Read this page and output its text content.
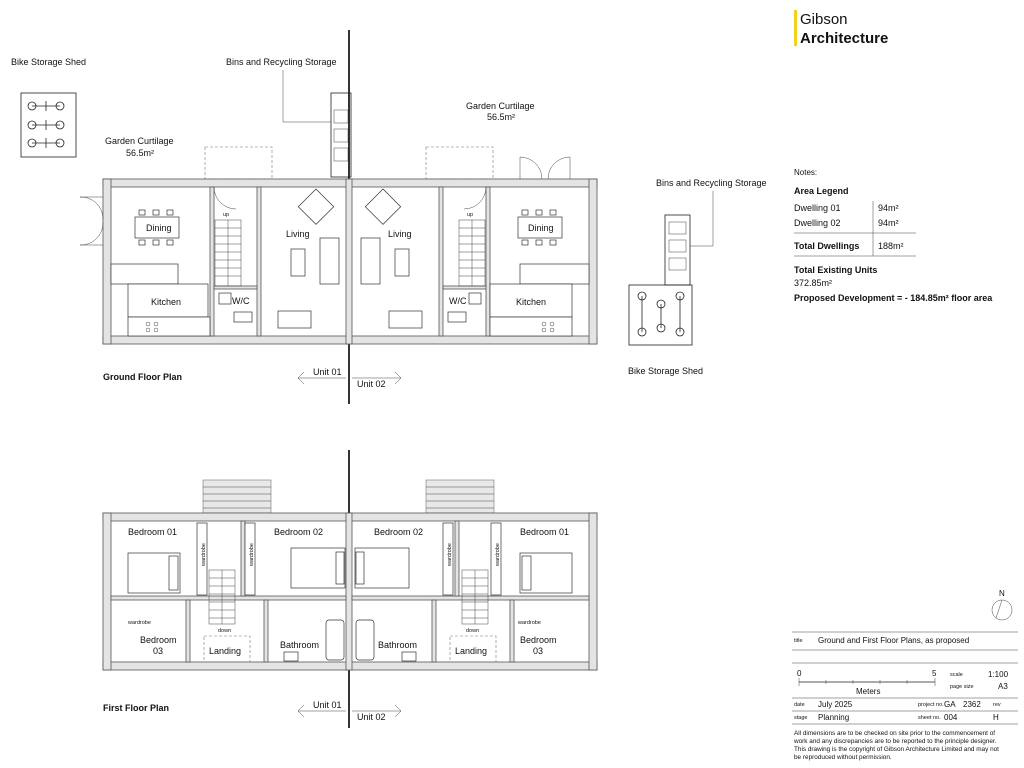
Gibson
Architecture
Bike Storage Shed	Bins and Recycling Storage
Garden Curtilage
56.5m²
Garden Curtilage
56.5m²
up	up
Dining	Dining
Living	Living
Kitchen	Kitchen
W/C	W/C
Bins and Recycling Storage
Bike Storage Shed
Ground Floor Plan	Unit 01
Unit 02
down	down
wardrobe	wardrobe	wardrobe	wardrobe
wardrobe	wardrobe
Bedroom 01	Bedroom 02	Bedroom 02	Bedroom 01
Bedroom
03
Bedroom
03
Landing	Landing
Bathroom	Bathroom
First Floor Plan	Unit 01
Unit 02
Notes:
Area Legend
Dwelling 01	94m²
Dwelling 02	94m²
Total Dwellings 188m²
Total Existing Units
372.85m²
Proposed Development = - 184.85m² floor area
N
title Ground and First Floor Plans, as proposed
0	5
Meters
scale	1:100
page size	A3
date July 2025	project no. GA 2362 rev
stage Planning	sheet no. 004	H
All dimensions are to be checked on site prior to the commencement of
work and any discrepancies are to be reported to the principle designer.
This drawing is the copyright of Gibson Architecture Limited and may not
be reproduced without permission.
